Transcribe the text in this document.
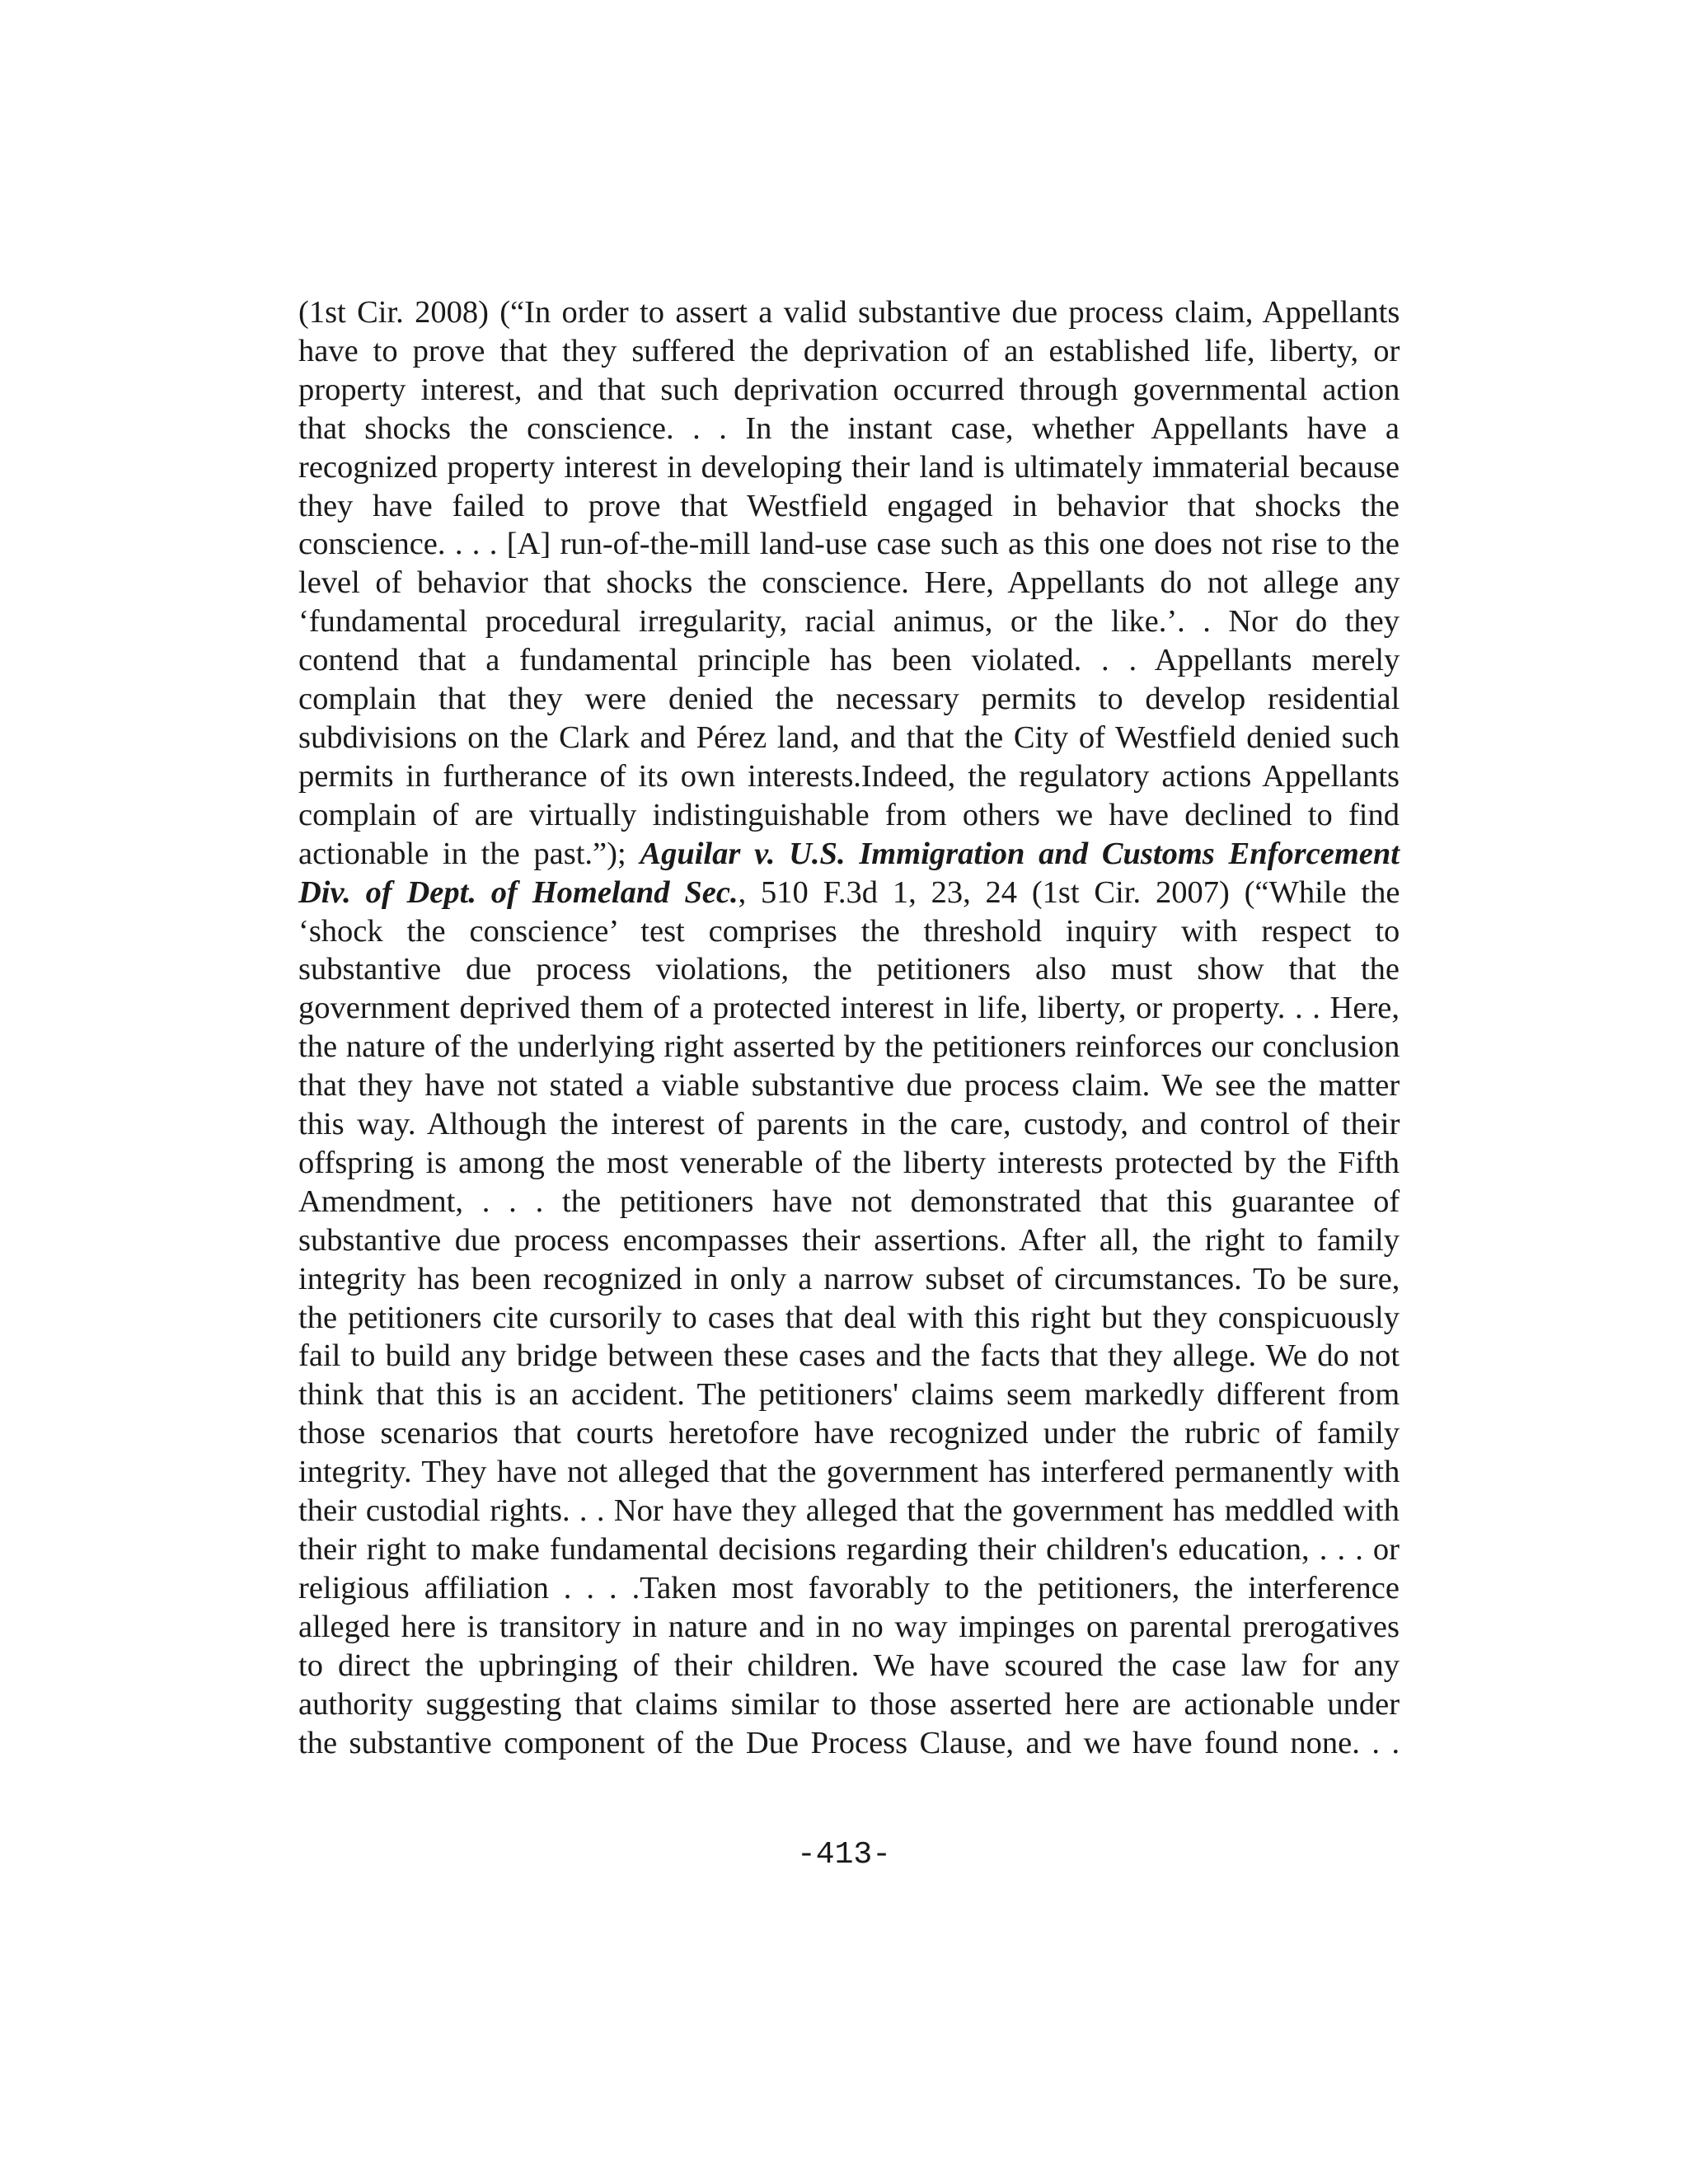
(1st Cir. 2008) (“In order to assert a valid substantive due process claim, Appellants
have to prove that they suffered the deprivation of an established life, liberty, or
property interest, and that such deprivation occurred through governmental action
that shocks the conscience. . . In the instant case, whether Appellants have a
recognized property interest in developing their land is ultimately immaterial because
they have failed to prove that Westfield engaged in behavior that shocks the
conscience. . . . [A] run-of-the-mill land-use case such as this one does not rise to the
level of behavior that shocks the conscience. Here, Appellants do not allege any
‘fundamental procedural irregularity, racial animus, or the like.’. . Nor do they
contend that a fundamental principle has been violated. . . Appellants merely
complain that they were denied the necessary permits to develop residential
subdivisions on the Clark and Pérez land, and that the City of Westfield denied such
permits in furtherance of its own interests.Indeed, the regulatory actions Appellants
complain of are virtually indistinguishable from others we have declined to find
actionable in the past.”); Aguilar v. U.S. Immigration and Customs Enforcement
Div. of Dept. of Homeland Sec., 510 F.3d 1, 23, 24 (1st Cir. 2007) (“While the
‘shock the conscience’ test comprises the threshold inquiry with respect to
substantive due process violations, the petitioners also must show that the
government deprived them of a protected interest in life, liberty, or property. . . Here,
the nature of the underlying right asserted by the petitioners reinforces our conclusion
that they have not stated a viable substantive due process claim. We see the matter
this way. Although the interest of parents in the care, custody, and control of their
offspring is among the most venerable of the liberty interests protected by the Fifth
Amendment, . . . the petitioners have not demonstrated that this guarantee of
substantive due process encompasses their assertions. After all, the right to family
integrity has been recognized in only a narrow subset of circumstances. To be sure,
the petitioners cite cursorily to cases that deal with this right but they conspicuously
fail to build any bridge between these cases and the facts that they allege. We do not
think that this is an accident. The petitioners' claims seem markedly different from
those scenarios that courts heretofore have recognized under the rubric of family
integrity. They have not alleged that the government has interfered permanently with
their custodial rights. . . Nor have they alleged that the government has meddled with
their right to make fundamental decisions regarding their children's education, . . . or
religious affiliation . . . .Taken most favorably to the petitioners, the interference
alleged here is transitory in nature and in no way impinges on parental prerogatives
to direct the upbringing of their children. We have scoured the case law for any
authority suggesting that claims similar to those asserted here are actionable under
the substantive component of the Due Process Clause, and we have found none. . .
-413-
